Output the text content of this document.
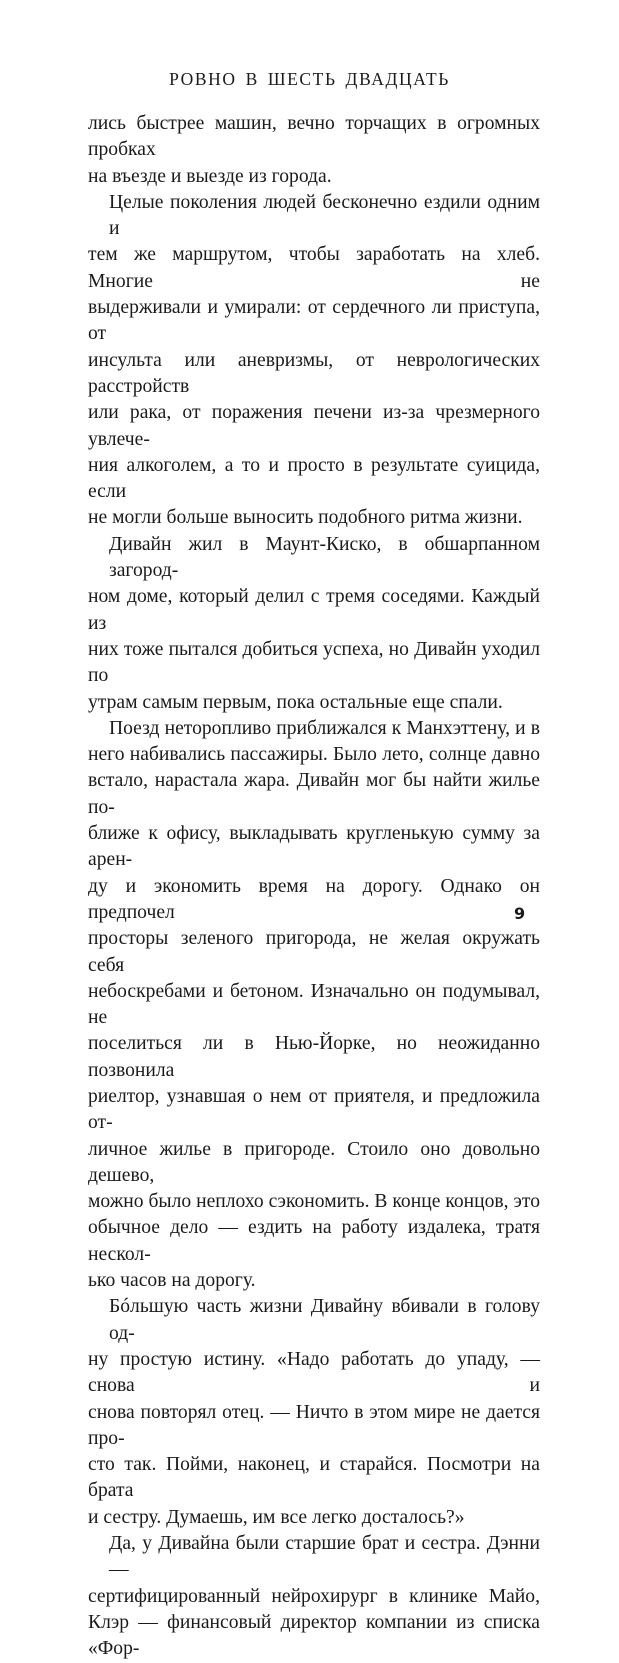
РОВНО В ШЕСТЬ ДВАДЦАТЬ

лись быстрее машин, вечно торчащих в огромных пробках

на въезде и выезде из города.

Целые поколения людей бесконечно ездили одним и

тем же маршрутом, чтобы заработать на хлеб. Многие не

выдерживали и умирали: от сердечного ли приступа, от

инсульта или аневризмы, от неврологических расстройств

или рака, от поражения печени из-за чрезмерного увлече-

ния алкоголем, а то и просто в результате суицида, если

не могли больше выносить подобного ритма жизни.

Дивайн жил в Маунт-Киско, в обшарпанном загород-

ном доме, который делил с тремя соседями. Каждый из

них тоже пытался добиться успеха, но Дивайн уходил по

утрам самым первым, пока остальные еще спали.

Поезд неторопливо приближался к Манхэттену, и в

него набивались пассажиры. Было лето, солнце давно

встало, нарастала жара. Дивайн мог бы найти жилье по-

ближе к офису, выкладывать кругленькую сумму за арен-

ду и экономить время на дорогу. Однако он предпочел

просторы зеленого пригорода, не желая окружать себя

небоскребами и бетоном. Изначально он подумывал, не

поселиться ли в Нью-Йорке, но неожиданно позвонила

риелтор, узнавшая о нем от приятеля, и предложила от-

личное жилье в пригороде. Стоило оно довольно дешево,

можно было неплохо сэкономить. В конце концов, это

обычное дело — ездить на работу издалека, тратя нескол-

ько часов на дорогу.

Бóльшую часть жизни Дивайну вбивали в голову од-

ну простую истину. «Надо работать до упаду, — снова и

снова повторял отец. — Ничто в этом мире не дается про-

сто так. Пойми, наконец, и старайся. Посмотри на брата

и сестру. Думаешь, им все легко досталось?»

Да, у Дивайна были старшие брат и сестра. Дэнни —

сертифицированный нейрохирург в клинике Майо,

Клэр — финансовый директор компании из списка «Фор-

9
